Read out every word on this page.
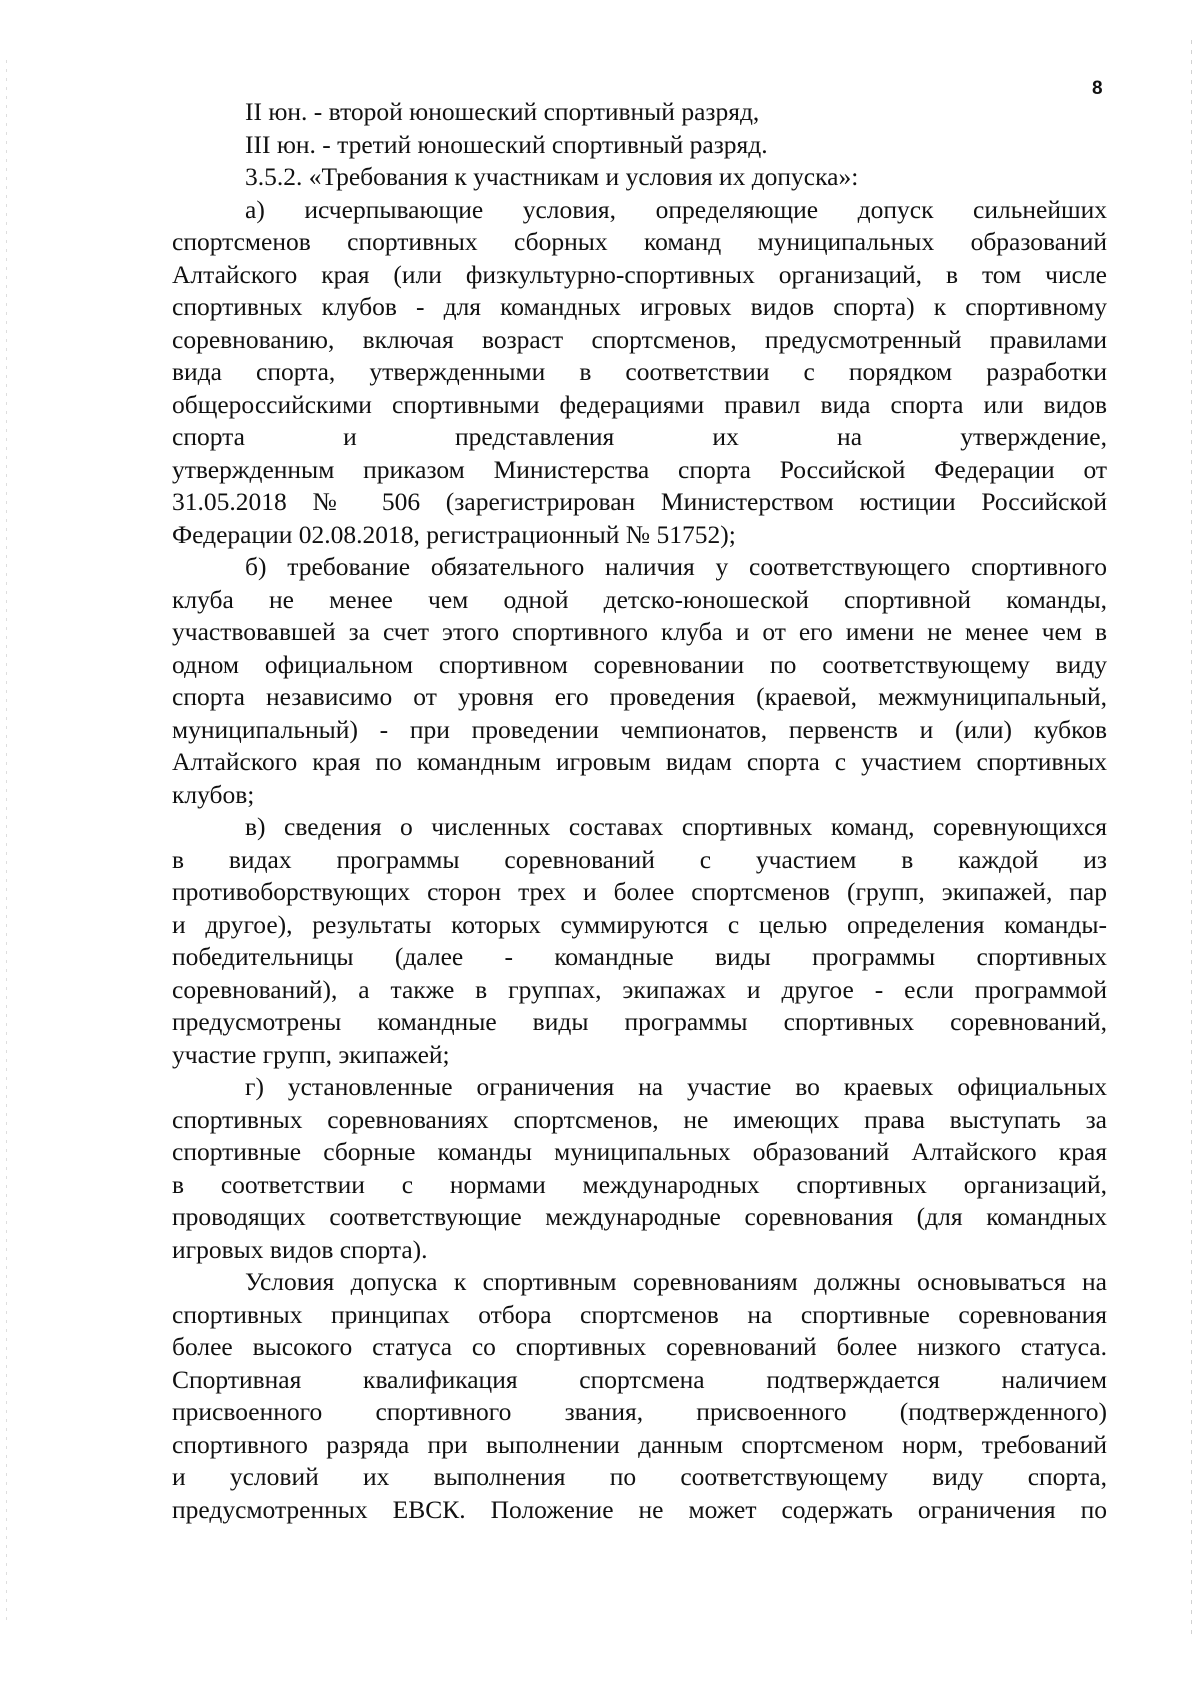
8

II юн. - второй юношеский спортивный разряд,

III юн. - третий юношеский спортивный разряд.

3.5.2. «Требования к участникам и условия их допуска»:

а) исчерпывающие условия, определяющие допуск сильнейших

спортсменов спортивных сборных команд муниципальных образований

Алтайского края (или физкультурно-спортивных организаций, в том числе

спортивных клубов - для командных игровых видов спорта) к спортивному

соревнованию, включая возраст спортсменов, предусмотренный правилами

вида спорта, утвержденными в соответствии с порядком разработки

общероссийскими спортивными федерациями правил вида спорта или видов

спорта и представления их на утверждение,

утвержденным приказом Министерства спорта Российской Федерации от

31.05.2018 № 506 (зарегистрирован Министерством юстиции Российской

Федерации 02.08.2018, регистрационный № 51752);

б) требование обязательного наличия у соответствующего спортивного

клуба не менее чем одной детско-юношеской спортивной команды,

участвовавшей за счет этого спортивного клуба и от его имени не менее чем в

одном официальном спортивном соревновании по соответствующему виду

спорта независимо от уровня его проведения (краевой, межмуниципальный,

муниципальный) - при проведении чемпионатов, первенств и (или) кубков

Алтайского края по командным игровым видам спорта с участием спортивных

клубов;

в) сведения о численных составах спортивных команд, соревнующихся

в видах программы соревнований с участием в каждой из

противоборствующих сторон трех и более спортсменов (групп, экипажей, пар

и другое), результаты которых суммируются с целью определения команды-

победительницы (далее - командные виды программы спортивных

соревнований), а также в группах, экипажах и другое - если программой

предусмотрены командные виды программы спортивных соревнований,

участие групп, экипажей;

г) установленные ограничения на участие во краевых официальных

спортивных соревнованиях спортсменов, не имеющих права выступать за

спортивные сборные команды муниципальных образований Алтайского края

в соответствии с нормами международных спортивных организаций,

проводящих соответствующие международные соревнования (для командных

игровых видов спорта).

Условия допуска к спортивным соревнованиям должны основываться на

спортивных принципах отбора спортсменов на спортивные соревнования

более высокого статуса со спортивных соревнований более низкого статуса.

Спортивная квалификация спортсмена подтверждается наличием

присвоенного спортивного звания, присвоенного (подтвержденного)

спортивного разряда при выполнении данным спортсменом норм, требований

и условий их выполнения по соответствующему виду спорта,

предусмотренных ЕВСК. Положение не может содержать ограничения по
